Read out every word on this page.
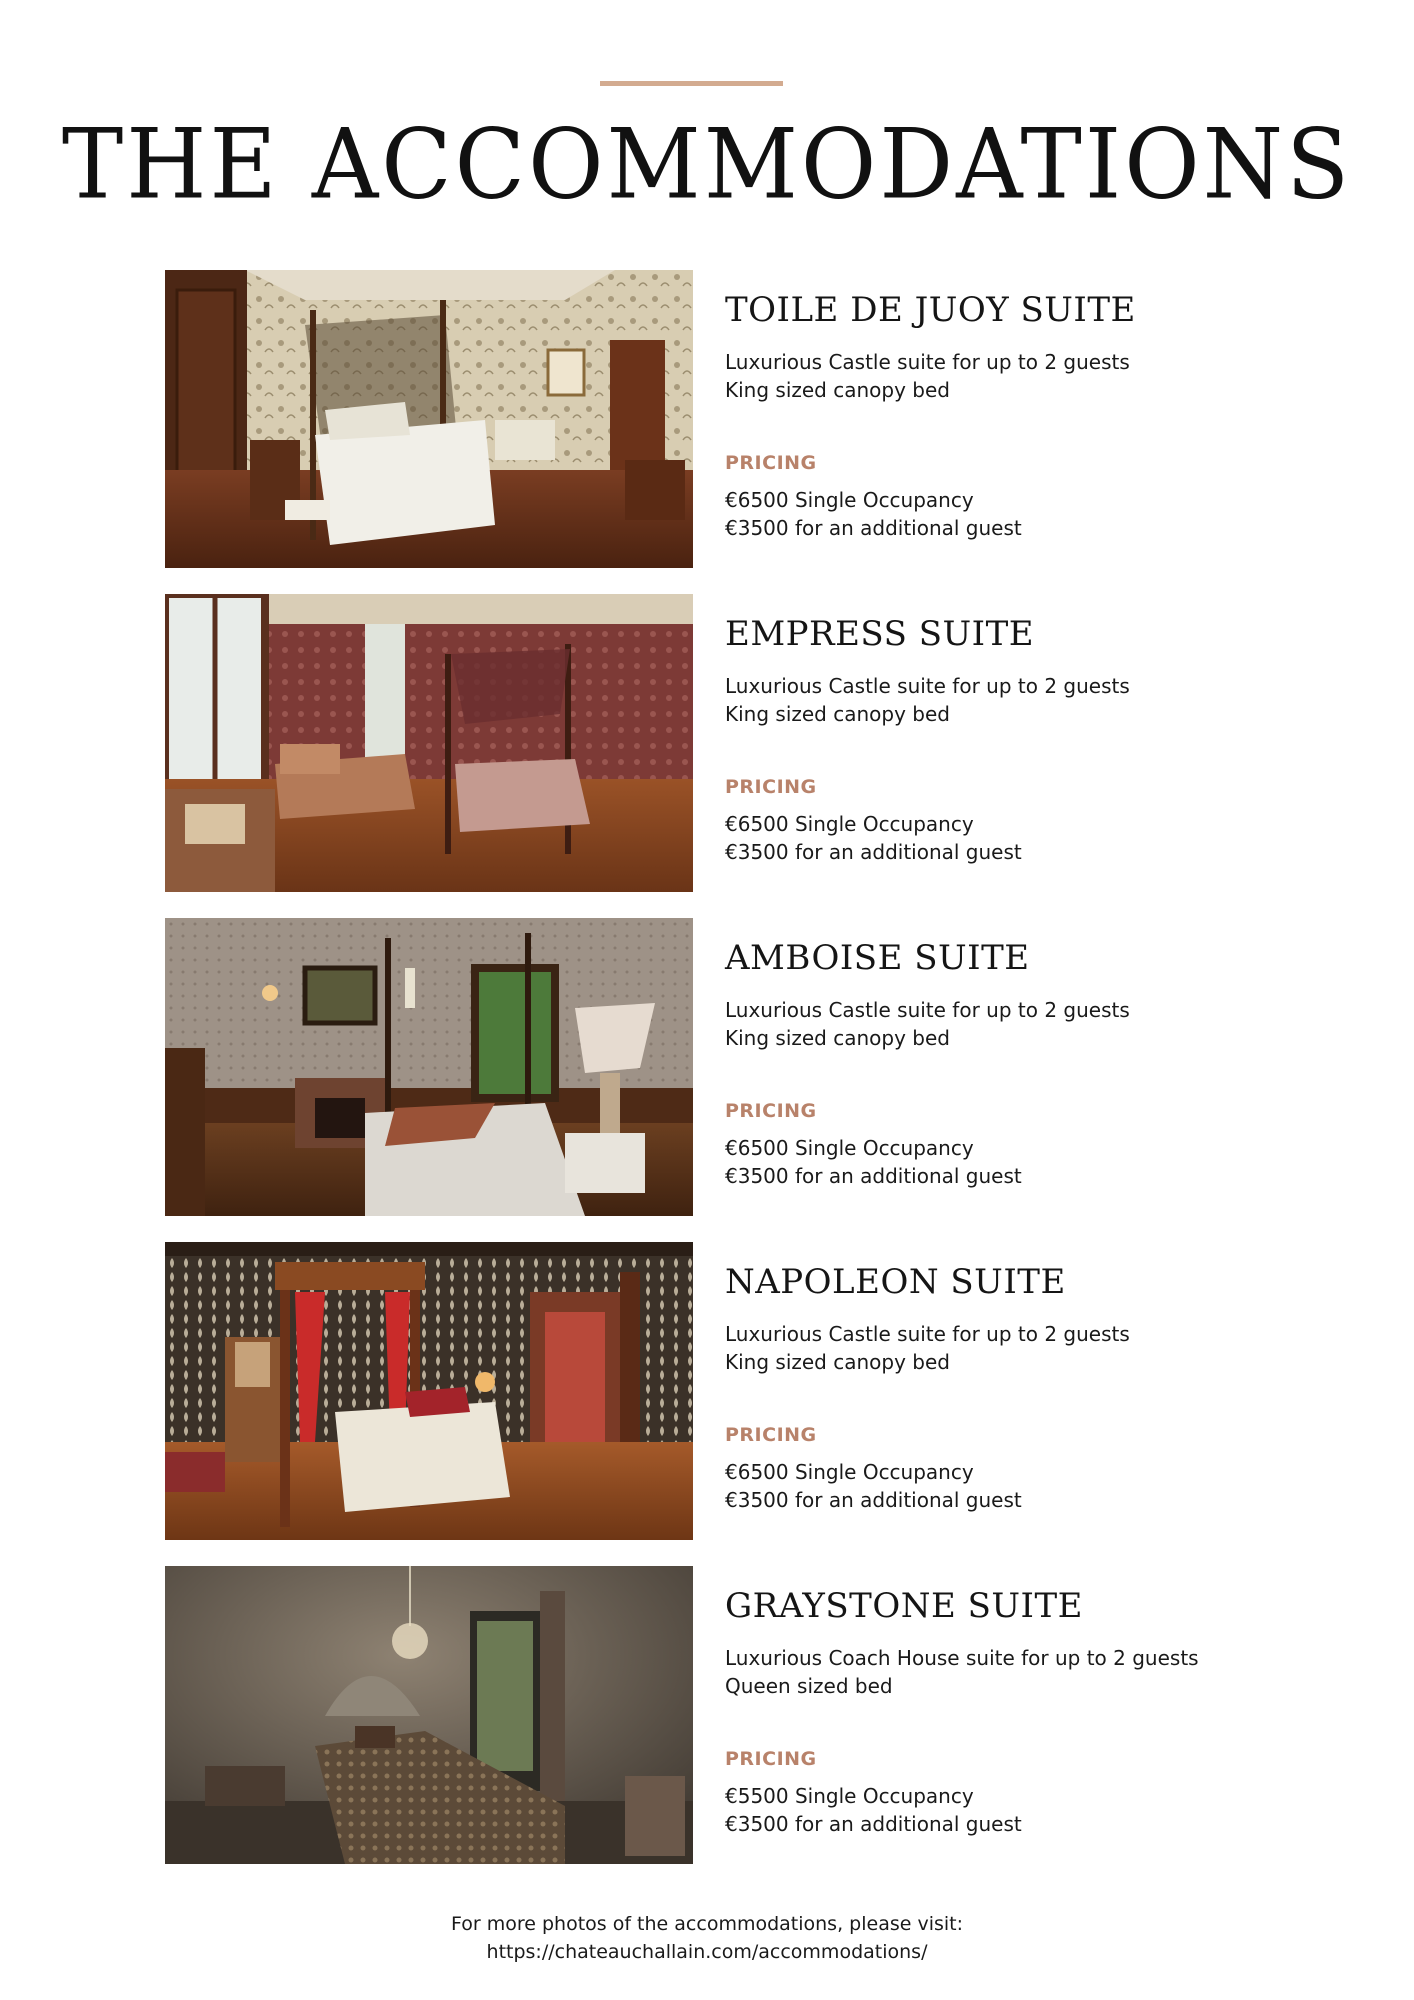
THE ACCOMMODATIONS
TOILE DE JUOY SUITE
Luxurious Castle suite for up to 2 guests
King sized canopy bed
PRICING
€6500 Single Occupancy
€3500 for an additional guest
EMPRESS SUITE
Luxurious Castle suite for up to 2 guests
King sized canopy bed
PRICING
€6500 Single Occupancy
€3500 for an additional guest
AMBOISE SUITE
Luxurious Castle suite for up to 2 guests
King sized canopy bed
PRICING
€6500 Single Occupancy
€3500 for an additional guest
NAPOLEON SUITE
Luxurious Castle suite for up to 2 guests
King sized canopy bed
PRICING
€6500 Single Occupancy
€3500 for an additional guest
GRAYSTONE SUITE
Luxurious Coach House suite for up to 2 guests
Queen sized bed
PRICING
€5500 Single Occupancy
€3500 for an additional guest
For more photos of the accommodations, please visit:
https://chateauchallain.com/accommodations/
